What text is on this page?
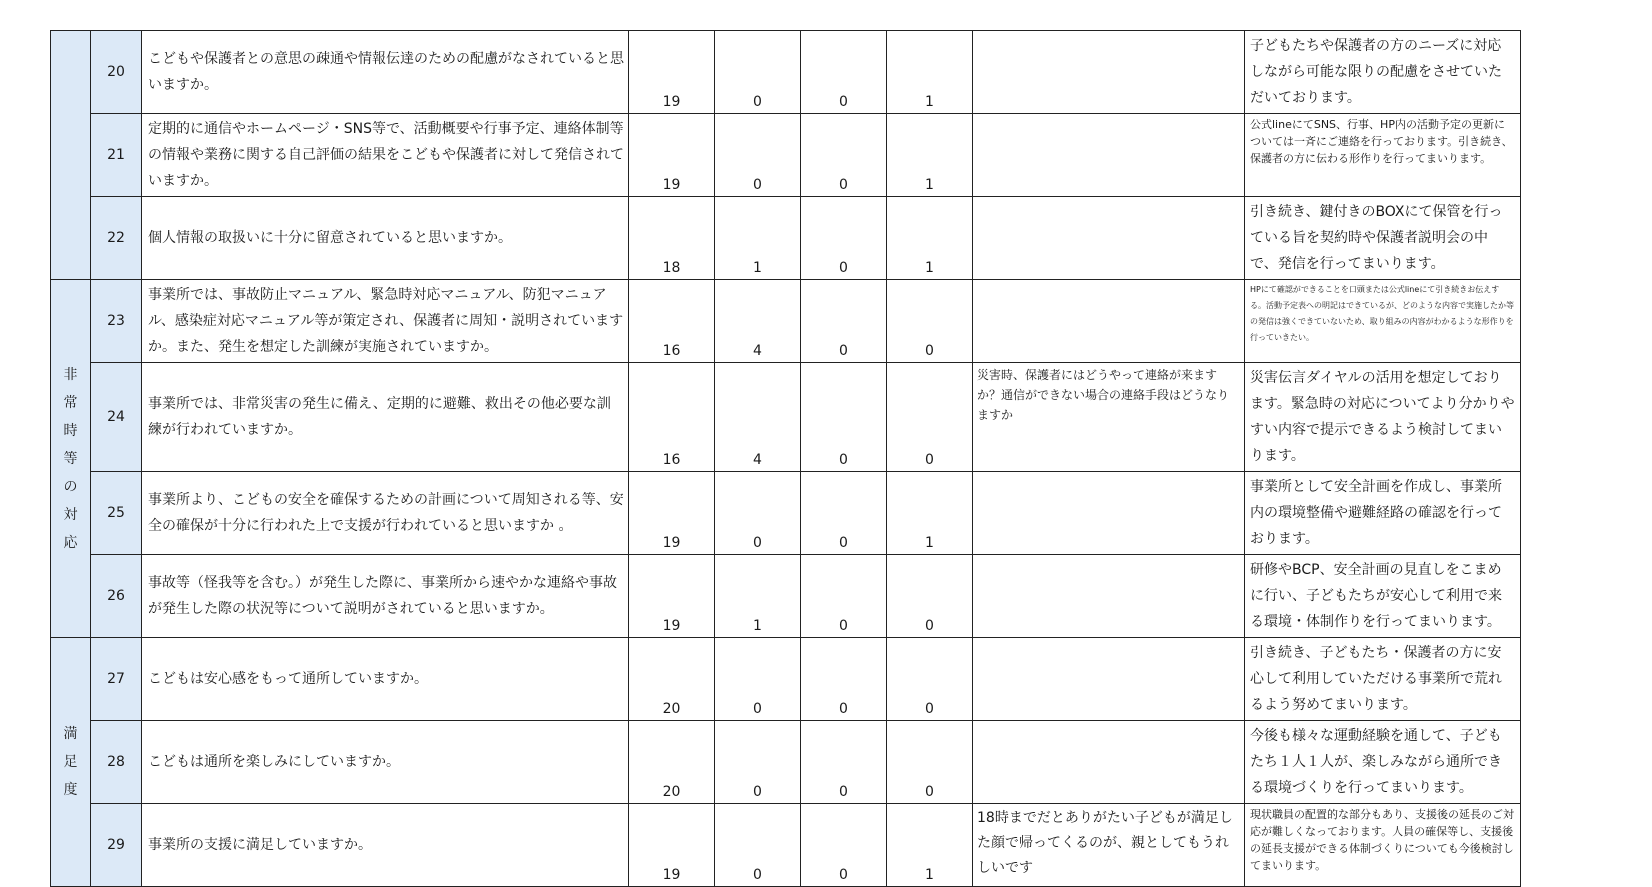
	20	こどもや保護者との意思の疎通や情報伝達のための配慮がなされていると思いますか。	19	0	0	1		子どもたちや保護者の方のニーズに対応しながら可能な限りの配慮をさせていただいております。
	21	定期的に通信やホームページ・SNS等で、活動概要や行事予定、連絡体制等の情報や業務に関する自己評価の結果をこどもや保護者に対して発信されていますか。	19	0	0	1		公式lineにてSNS、行事、HP内の活動予定の更新については一斉にご連絡を行っております。引き続き、保護者の方に伝わる形作りを行ってまいります。
	22	個人情報の取扱いに十分に留意されていると思いますか。	18	1	0	1		引き続き、鍵付きのBOXにて保管を行っている旨を契約時や保護者説明会の中で、発信を行ってまいります。
非常時等の対応	23	事業所では、事故防止マニュアル、緊急時対応マニュアル、防犯マニュアル、感染症対応マニュアル等が策定され、保護者に周知・説明されていますか。また、発生を想定した訓練が実施されていますか。	16	4	0	0		HPにて確認ができることを口頭または公式lineにて引き続きお伝えする。活動予定表への明記はできているが、どのような内容で実施したか等の発信は強くできていないため、取り組みの内容がわかるような形作りを行っていきたい。
	24	事業所では、非常災害の発生に備え、定期的に避難、救出その他必要な訓練が行われていますか。	16	4	0	0	災害時、保護者にはどうやって連絡が来ますか？通信ができない場合の連絡手段はどうなりますか	災害伝言ダイヤルの活用を想定しております。緊急時の対応についてより分かりやすい内容で提示できるよう検討してまいります。
	25	事業所より、こどもの安全を確保するための計画について周知される等、安全の確保が十分に行われた上で支援が行われていると思いますか 。	19	0	0	1		事業所として安全計画を作成し、事業所内の環境整備や避難経路の確認を行っております。
	26	事故等（怪我等を含む。）が発生した際に、事業所から速やかな連絡や事故が発生した際の状況等について説明がされていると思いますか。	19	1	0	0		研修やBCP、安全計画の見直しをこまめに行い、子どもたちが安心して利用で来る環境・体制作りを行ってまいります。
満足度	27	こどもは安心感をもって通所していますか。	20	0	0	0		引き続き、子どもたち・保護者の方に安心して利用していただける事業所で荒れるよう努めてまいります。
	28	こどもは通所を楽しみにしていますか。	20	0	0	0		今後も様々な運動経験を通して、子どもたち１人１人が、楽しみながら通所できる環境づくりを行ってまいります。
	29	事業所の支援に満足していますか。	19	0	0	1	18時までだとありがたい子どもが満足した顔で帰ってくるのが、親としてもうれしいです	現状職員の配置的な部分もあり、支援後の延長のご対応が難しくなっております。人員の確保等し、支援後の延長支援ができる体制づくりについても今後検討してまいります。
